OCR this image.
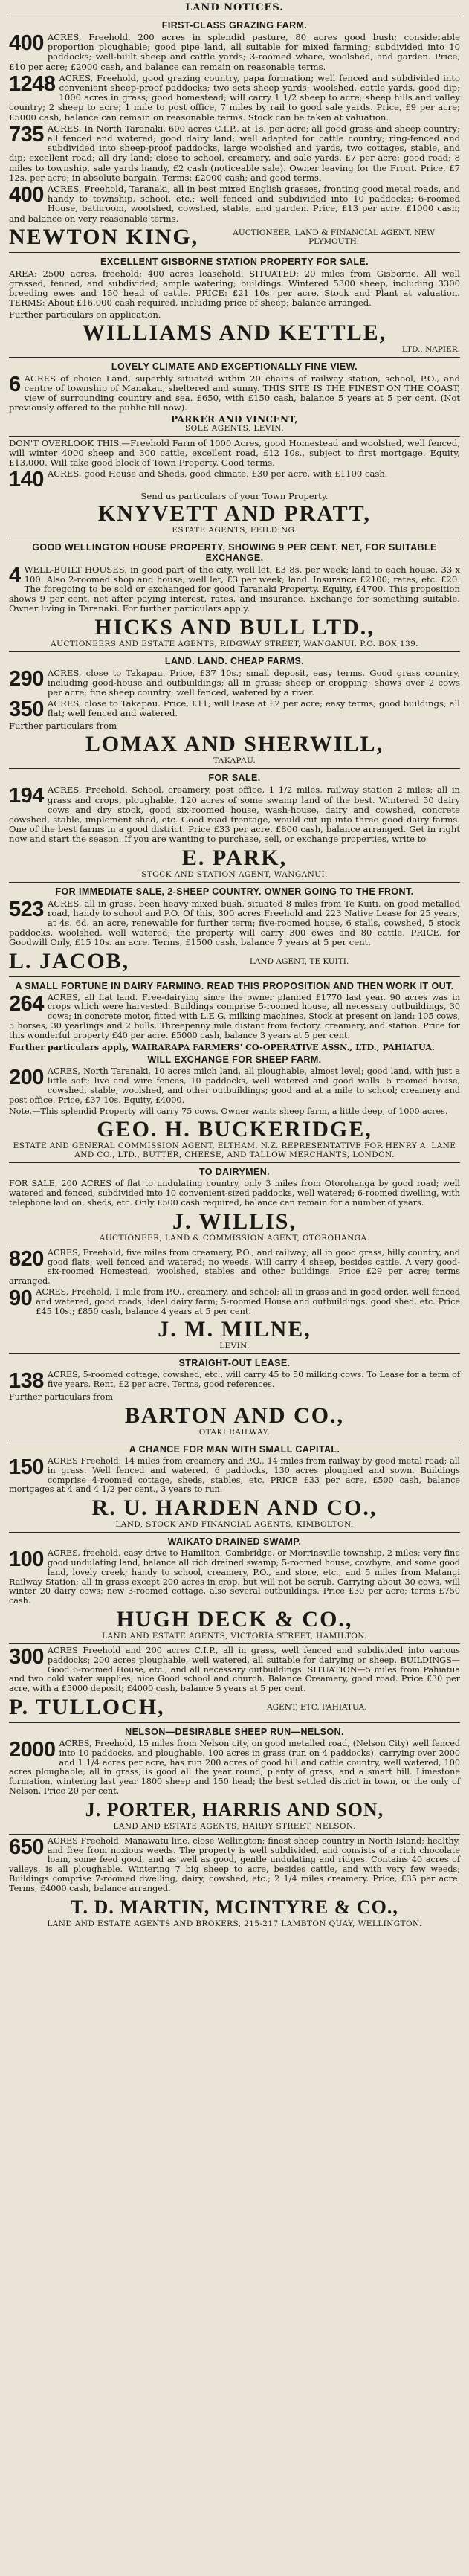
LAND NOTICES.
FIRST-CLASS GRAZING FARM.
400 ACRES, Freehold, 200 acres in splendid pasture, 80 acres good bush; considerable proportion ploughable; good pipe land, all suitable for mixed farming; subdivided into 10 paddocks; well-built sheep and cattle yards; 3-roomed whare, woolshed, and garden. Price, £10 per acre; £2000 cash, and balance can remain on reasonable terms.
1248 ACRES, Freehold, good grazing country, papa formation; well fenced and subdivided into convenient sheep-proof paddocks; two sets sheep yards; woolshed, cattle yards, good dip; 1000 acres in grass; good homestead; will carry 1 1/2 sheep to acre; sheep hills and valley country; 2 sheep to acre; 1 mile to post office, 7 miles by rail to good sale yards. Price, £9 per acre; £5000 cash, balance can remain on reasonable terms. Stock can be taken at valuation.
735 ACRES, In North Taranaki, 600 acres C.I.P., at 1s. per acre; all good grass and sheep country; all fenced and watered; good dairy land; well adapted for cattle country; ring-fenced and subdivided into sheep-proof paddocks, large woolshed and yards, two cottages, stable, and dip; excellent road; all dry land; close to school, creamery, and sale yards. £7 per acre; good road; 8 miles to township, sale yards handy, £2 cash (noticeable sale). Owner leaving for the Front. Price, £7 12s. per acre; in absolute bargain. Terms: £2000 cash; and good terms.
400 ACRES, Freehold, Taranaki, all in best mixed English grasses, fronting good metal roads, and handy to township, school, etc.; well fenced and subdivided into 10 paddocks; 6-roomed House, bathroom, woolshed, cowshed, stable, and garden. Price, £13 per acre. £1000 cash; and balance on very reasonable terms.
NEWTON KING,	AUCTIONEER, LAND & FINANCIAL AGENT, NEW PLYMOUTH.
EXCELLENT GISBORNE STATION PROPERTY FOR SALE.
AREA: 2500 acres, freehold; 400 acres leasehold. SITUATED: 20 miles from Gisborne. All well grassed, fenced, and subdivided; ample watering; buildings. Wintered 5300 sheep, including 3300 breeding ewes and 150 head of cattle. PRICE: £21 10s. per acre. Stock and Plant at valuation. TERMS: About £16,000 cash required, including price of sheep; balance arranged.
Further particulars on application.
WILLIAMS AND KETTLE,
LTD., NAPIER.
LOVELY CLIMATE AND EXCEPTIONALLY FINE VIEW.
6 ACRES of choice Land, superbly situated within 20 chains of railway station, school, P.O., and centre of township of Manakau, sheltered and sunny. THIS SITE IS THE FINEST ON THE COAST, view of surrounding country and sea. £650, with £150 cash, balance 5 years at 5 per cent. (Not previously offered to the public till now).
PARKER AND VINCENT,
SOLE AGENTS, LEVIN.
DON'T OVERLOOK THIS.—Freehold Farm of 1000 Acres, good Homestead and woolshed, well fenced, will winter 4000 sheep and 300 cattle, excellent road, £12 10s., subject to first mortgage. Equity, £13,000. Will take good block of Town Property. Good terms.
140 ACRES, good House and Sheds, good climate, £30 per acre, with £1100 cash.
Send us particulars of your Town Property.
KNYVETT AND PRATT,
ESTATE AGENTS, FEILDING.
GOOD WELLINGTON HOUSE PROPERTY, SHOWING 9 PER CENT. NET, FOR SUITABLE EXCHANGE.
4 WELL-BUILT HOUSES, in good part of the city, well let, £3 8s. per week; land to each house, 33 x 100. Also 2-roomed shop and house, well let, £3 per week; land. Insurance £2100; rates, etc. £20. The foregoing to be sold or exchanged for good Taranaki Property. Equity, £4700. This proposition shows 9 per cent. net after paying interest, rates, and insurance. Exchange for something suitable. Owner living in Taranaki. For further particulars apply.
HICKS AND BULL LTD.,
AUCTIONEERS AND ESTATE AGENTS, RIDGWAY STREET, WANGANUI. P.O. BOX 139.
LAND. LAND. CHEAP FARMS.
290 ACRES, close to Takapau. Price, £37 10s.; small deposit, easy terms. Good grass country, including good-house and outbuildings; all in grass; sheep or cropping; shows over 2 cows per acre; fine sheep country; well fenced, watered by a river.
350 ACRES, close to Takapau. Price, £11; will lease at £2 per acre; easy terms; good buildings; all flat; well fenced and watered.
Further particulars from
LOMAX AND SHERWILL,
TAKAPAU.
FOR SALE.
194 ACRES, Freehold. School, creamery, post office, 1 1/2 miles, railway station 2 miles; all in grass and crops, ploughable, 120 acres of some swamp land of the best. Wintered 50 dairy cows and dry stock, good six-roomed house, wash-house, dairy and cowshed, concrete cowshed, stable, implement shed, etc. Good road frontage, would cut up into three good dairy farms. One of the best farms in a good district. Price £33 per acre. £800 cash, balance arranged. Get in right now and start the season. If you are wanting to purchase, sell, or exchange properties, write to
E. PARK,
STOCK AND STATION AGENT, WANGANUI.
FOR IMMEDIATE SALE, 2-SHEEP COUNTRY. OWNER GOING TO THE FRONT.
523 ACRES, all in grass, been heavy mixed bush, situated 8 miles from Te Kuiti, on good metalled road, handy to school and P.O. Of this, 300 acres Freehold and 223 Native Lease for 25 years, at 4s. 6d. an acre, renewable for further term; five-roomed house, 6 stalls, cowshed, 5 stock paddocks, woolshed, well watered; the property will carry 300 ewes and 80 cattle. PRICE, for Goodwill Only, £15 10s. an acre. Terms, £1500 cash, balance 7 years at 5 per cent.
L. JACOB,	LAND AGENT, TE KUITI.
A SMALL FORTUNE IN DAIRY FARMING. READ THIS PROPOSITION AND THEN WORK IT OUT.
264 ACRES, all flat land. Free-dairying since the owner planned £1770 last year. 90 acres was in crops which were harvested. Buildings comprise 5-roomed house, all necessary outbuildings, 30 cows; in concrete motor, fitted with L.E.G. milking machines. Stock at present on land: 105 cows, 5 horses, 30 yearlings and 2 bulls. Threepenny mile distant from factory, creamery, and station. Price for this wonderful property £40 per acre. £5000 cash, balance 3 years at 5 per cent.
Further particulars apply, WAIRARAPA FARMERS' CO-OPERATIVE ASSN., LTD., PAHIATUA.
WILL EXCHANGE FOR SHEEP FARM.
200 ACRES, North Taranaki, 10 acres milch land, all ploughable, almost level; good land, with just a little soft; live and wire fences, 10 paddocks, well watered and good walls. 5 roomed house, cowshed, stable, woolshed, and other outbuildings; good and at a mile to school; creamery and post office. Price, £37 10s. Equity, £4000.
Note.—This splendid Property will carry 75 cows. Owner wants sheep farm, a little deep, of 1000 acres.
GEO. H. BUCKERIDGE,
ESTATE AND GENERAL COMMISSION AGENT, ELTHAM. N.Z. REPRESENTATIVE FOR HENRY A. LANE AND CO., LTD., BUTTER, CHEESE, AND TALLOW MERCHANTS, LONDON.
TO DAIRYMEN.
FOR SALE, 200 ACRES of flat to undulating country, only 3 miles from Otorohanga by good road; well watered and fenced, subdivided into 10 convenient-sized paddocks, well watered; 6-roomed dwelling, with telephone laid on, sheds, etc. Only £500 cash required, balance can remain for a number of years.
J. WILLIS,
AUCTIONEER, LAND & COMMISSION AGENT, OTOROHANGA.
820 ACRES, Freehold, five miles from creamery, P.O., and railway; all in good grass, hilly country, and good flats; well fenced and watered; no weeds. Will carry 4 sheep, besides cattle. A very good-six-roomed Homestead, woolshed, stables and other buildings. Price £29 per acre; terms arranged.
90 ACRES, Freehold, 1 mile from P.O., creamery, and school; all in grass and in good order, well fenced and watered, good roads; ideal dairy farm; 5-roomed House and outbuildings, good shed, etc. Price £45 10s.; £850 cash, balance 4 years at 5 per cent.
J. M. MILNE,
LEVIN.
STRAIGHT-OUT LEASE.
138 ACRES, 5-roomed cottage, cowshed, etc., will carry 45 to 50 milking cows. To Lease for a term of five years. Rent, £2 per acre. Terms, good references.
Further particulars from
BARTON AND CO.,
OTAKI RAILWAY.
A CHANCE FOR MAN WITH SMALL CAPITAL.
150 ACRES Freehold, 14 miles from creamery and P.O., 14 miles from railway by good metal road; all in grass. Well fenced and watered, 6 paddocks, 130 acres ploughed and sown. Buildings comprise 4-roomed cottage, sheds, stables, etc. PRICE £33 per acre. £500 cash, balance mortgages at 4 and 4 1/2 per cent., 3 years to run.
R. U. HARDEN AND CO.,
LAND, STOCK AND FINANCIAL AGENTS, KIMBOLTON.
WAIKATO DRAINED SWAMP.
100 ACRES, freehold, easy drive to Hamilton, Cambridge, or Morrinsville township, 2 miles; very fine good undulating land, balance all rich drained swamp; 5-roomed house, cowbyre, and some good land, lovely creek; handy to school, creamery, P.O., and store, etc., and 5 miles from Matangi Railway Station; all in grass except 200 acres in crop, but will not be scrub. Carrying about 30 cows, will winter 20 dairy cows; new 3-roomed cottage, also several outbuildings. Price £30 per acre; terms £750 cash.
HUGH DECK & CO.,
LAND AND ESTATE AGENTS, VICTORIA STREET, HAMILTON.
300 ACRES Freehold and 200 acres C.I.P., all in grass, well fenced and subdivided into various paddocks; 200 acres ploughable, well watered, all suitable for dairying or sheep. BUILDINGS—Good 6-roomed House, etc., and all necessary outbuildings. SITUATION—5 miles from Pahiatua and two cold water supplies; nice Good school and church. Balance Creamery, good road. Price £30 per acre, with a £5000 deposit; £4000 cash, balance 5 years at 5 per cent.
P. TULLOCH,	AGENT, ETC. PAHIATUA.
NELSON—DESIRABLE SHEEP RUN—NELSON.
2000 ACRES, Freehold, 15 miles from Nelson city, on good metalled road, (Nelson City) well fenced into 10 paddocks, and ploughable, 100 acres in grass (run on 4 paddocks), carrying over 2000 and 1 1/4 acres per acre, has run 200 acres of good hill and cattle country, well watered, 100 acres ploughable; all in grass; is good all the year round; plenty of grass, and a smart hill. Limestone formation, wintering last year 1800 sheep and 150 head; the best settled district in town, or the only of Nelson. Price 20 per cent.
J. PORTER, HARRIS AND SON,
LAND AND ESTATE AGENTS, HARDY STREET, NELSON.
650 ACRES Freehold, Manawatu line, close Wellington; finest sheep country in North Island; healthy, and free from noxious weeds. The property is well subdivided, and consists of a rich chocolate loam, some feed good, and as well as good, gentle undulating and ridges. Contains 40 acres of valleys, is all ploughable. Wintering 7 big sheep to acre, besides cattle, and with very few weeds; Buildings comprise 7-roomed dwelling, dairy, cowshed, etc.; 2 1/4 miles creamery. Price, £35 per acre. Terms, £4000 cash, balance arranged.
T. D. MARTIN, MCINTYRE & CO.,
LAND AND ESTATE AGENTS AND BROKERS, 215-217 LAMBTON QUAY, WELLINGTON.
